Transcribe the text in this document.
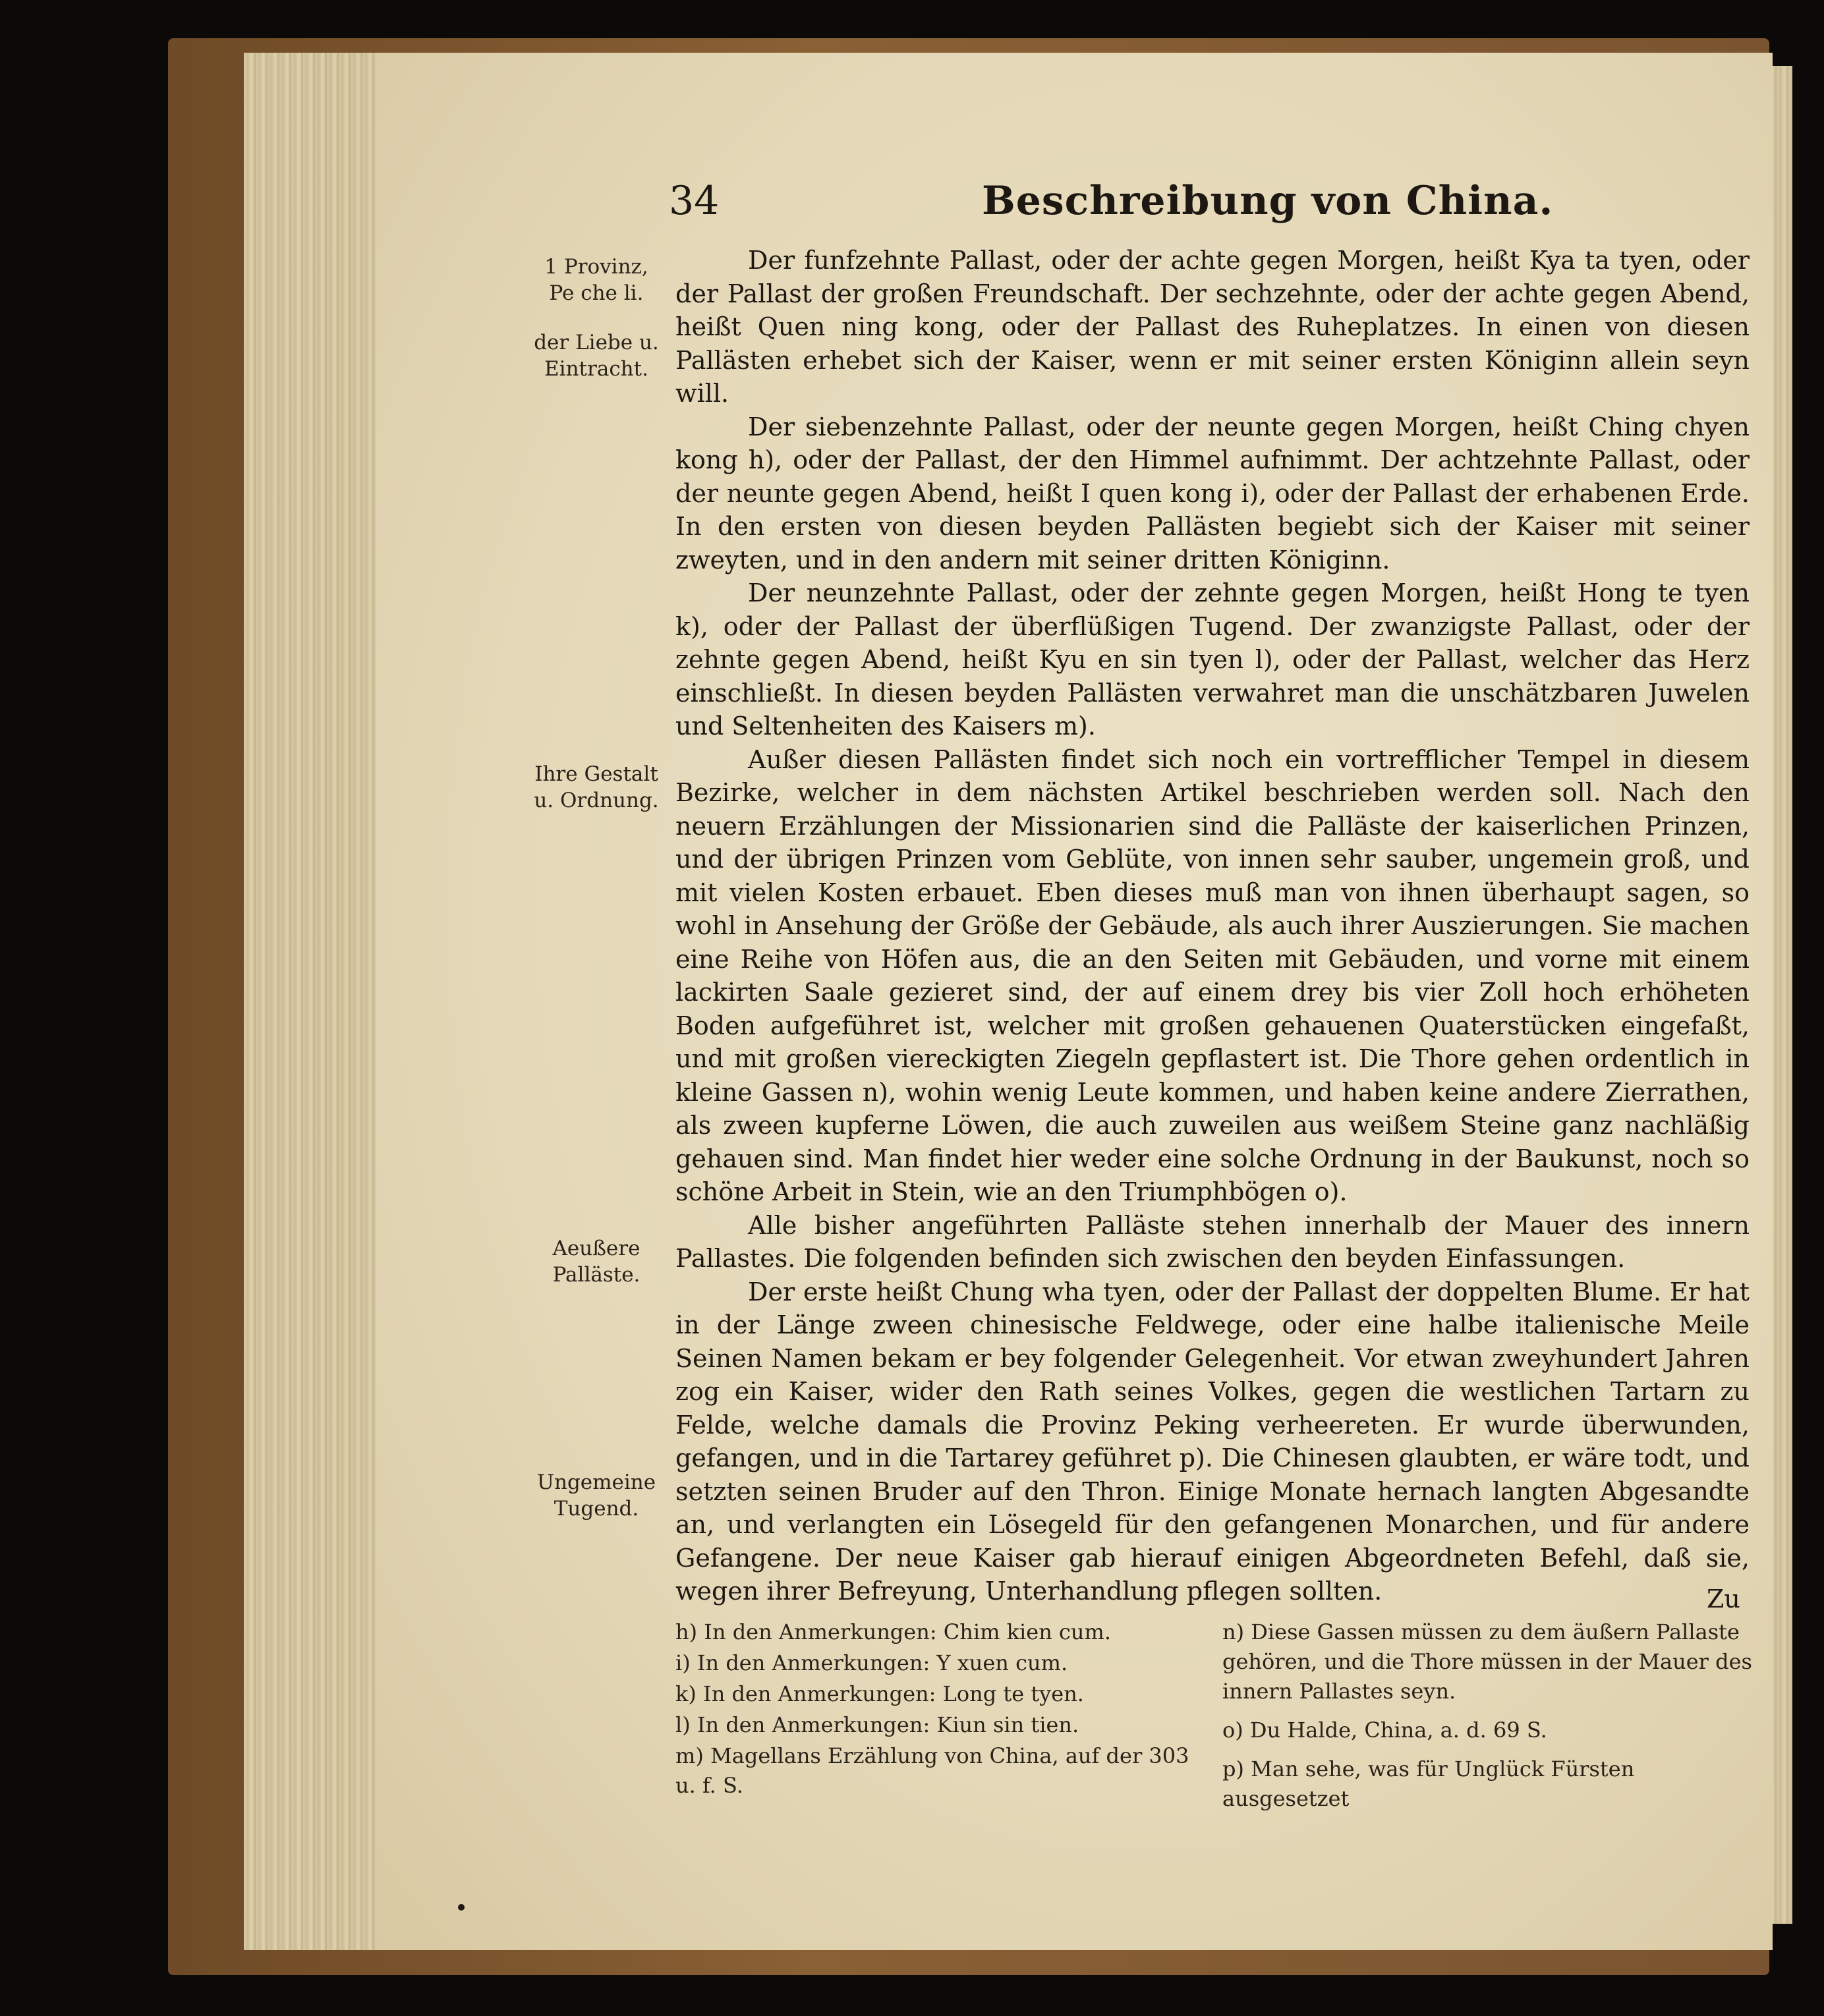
34	Beschreibung von China.
1 Provinz, Pe che li.
der Liebe u. Eintracht.
Ihre Gestalt u. Ordnung.
Aeußere Palläste.
Ungemeine Tugend.

Der funfzehnte Pallast, oder der achte gegen Morgen, heißt Kya ta tyen, oder der Pallast der großen Freundschaft. Der sechzehnte, oder der achte gegen Abend, heißt Quen ning kong, oder der Pallast des Ruheplatzes. In einen von diesen Pallästen erhebet sich der Kaiser, wenn er mit seiner ersten Königinn allein seyn will.

Der siebenzehnte Pallast, oder der neunte gegen Morgen, heißt Ching chyen kong h), oder der Pallast, der den Himmel aufnimmt. Der achtzehnte Pallast, oder der neunte gegen Abend, heißt I quen kong i), oder der Pallast der erhabenen Erde. In den ersten von diesen beyden Pallästen begiebt sich der Kaiser mit seiner zweyten, und in den andern mit seiner dritten Königinn.

Der neunzehnte Pallast, oder der zehnte gegen Morgen, heißt Hong te tyen k), oder der Pallast der überflüßigen Tugend. Der zwanzigste Pallast, oder der zehnte gegen Abend, heißt Kyu en sin tyen l), oder der Pallast, welcher das Herz einschließt. In diesen beyden Pallästen verwahret man die unschätzbaren Juwelen und Seltenheiten des Kaisers m).

Außer diesen Pallästen findet sich noch ein vortrefflicher Tempel in diesem Bezirke, welcher in dem nächsten Artikel beschrieben werden soll. Nach den neuern Erzählungen der Missionarien sind die Palläste der kaiserlichen Prinzen, und der übrigen Prinzen vom Geblüte, von innen sehr sauber, ungemein groß, und mit vielen Kosten erbauet. Eben dieses muß man von ihnen überhaupt sagen, so wohl in Ansehung der Größe der Gebäude, als auch ihrer Auszierungen. Sie machen eine Reihe von Höfen aus, die an den Seiten mit Gebäuden, und vorne mit einem lackirten Saale gezieret sind, der auf einem drey bis vier Zoll hoch erhöheten Boden aufgeführet ist, welcher mit großen gehauenen Quaterstücken eingefaßt, und mit großen viereckigten Ziegeln gepflastert ist. Die Thore gehen ordentlich in kleine Gassen n), wohin wenig Leute kommen, und haben keine andere Zierrathen, als zween kupferne Löwen, die auch zuweilen aus weißem Steine ganz nachläßig gehauen sind. Man findet hier weder eine solche Ordnung in der Baukunst, noch so schöne Arbeit in Stein, wie an den Triumphbögen o).

Alle bisher angeführten Palläste stehen innerhalb der Mauer des innern Pallastes. Die folgenden befinden sich zwischen den beyden Einfassungen.

Der erste heißt Chung wha tyen, oder der Pallast der doppelten Blume. Er hat in der Länge zween chinesische Feldwege, oder eine halbe italienische Meile Seinen Namen bekam er bey folgender Gelegenheit. Vor etwan zweyhundert Jahren zog ein Kaiser, wider den Rath seines Volkes, gegen die westlichen Tartarn zu Felde, welche damals die Provinz Peking verheereten. Er wurde überwunden, gefangen, und in die Tartarey geführet p). Die Chinesen glaubten, er wäre todt, und setzten seinen Bruder auf den Thron. Einige Monate hernach langten Abgesandte an, und verlangten ein Lösegeld für den gefangenen Monarchen, und für andere Gefangene. Der neue Kaiser gab hierauf einigen Abgeordneten Befehl, daß sie, wegen ihrer Befreyung, Unterhandlung pflegen sollten.	Zu

h) In den Anmerkungen: Chim kien cum.

i) In den Anmerkungen: Y xuen cum.

k) In den Anmerkungen: Long te tyen.

l) In den Anmerkungen: Kiun sin tien.

m) Magellans Erzählung von China, auf der 303 u. f. S.

n) Diese Gassen müssen zu dem äußern Pallaste gehören, und die Thore müssen in der Mauer des innern Pallastes seyn.

o) Du Halde, China, a. d. 69 S.

p) Man sehe, was für Unglück Fürsten ausgesetzet
